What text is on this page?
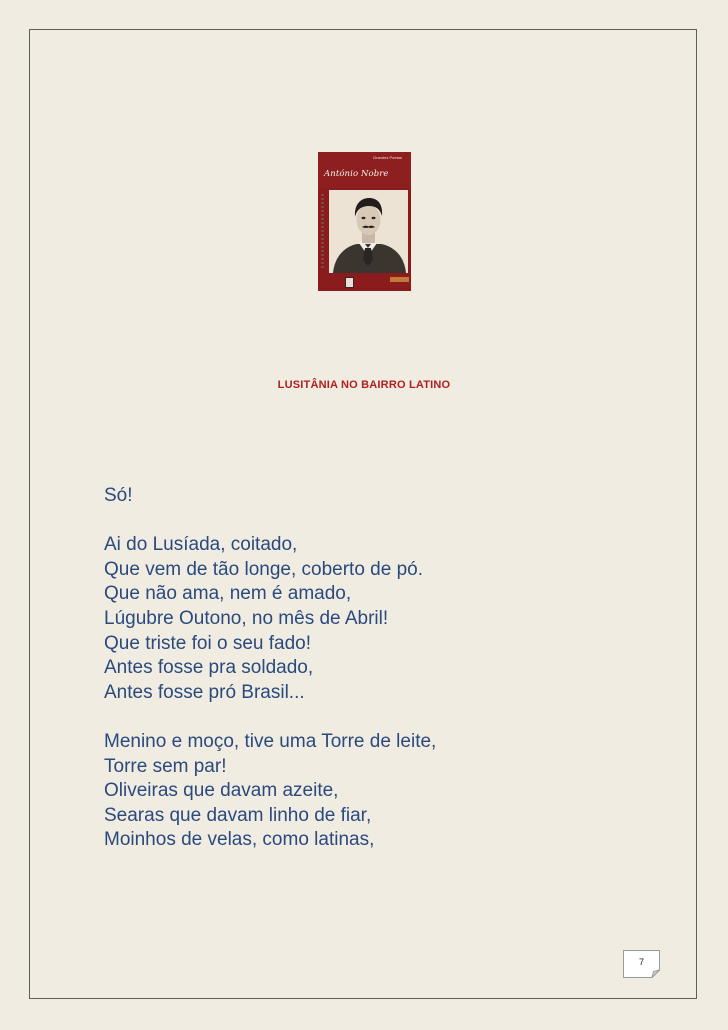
Grandes Poetas
António Nobre
LUSITÂNIA NO BAIRRO LATINO
Só!
Ai do Lusíada, coitado,
Que vem de tão longe, coberto de pó.
Que não ama, nem é amado,
Lúgubre Outono, no mês de Abril!
Que triste foi o seu fado!
Antes fosse pra soldado,
Antes fosse pró Brasil...
Menino e moço, tive uma Torre de leite,
Torre sem par!
Oliveiras que davam azeite,
Searas que davam linho de fiar,
Moinhos de velas, como latinas,
7
